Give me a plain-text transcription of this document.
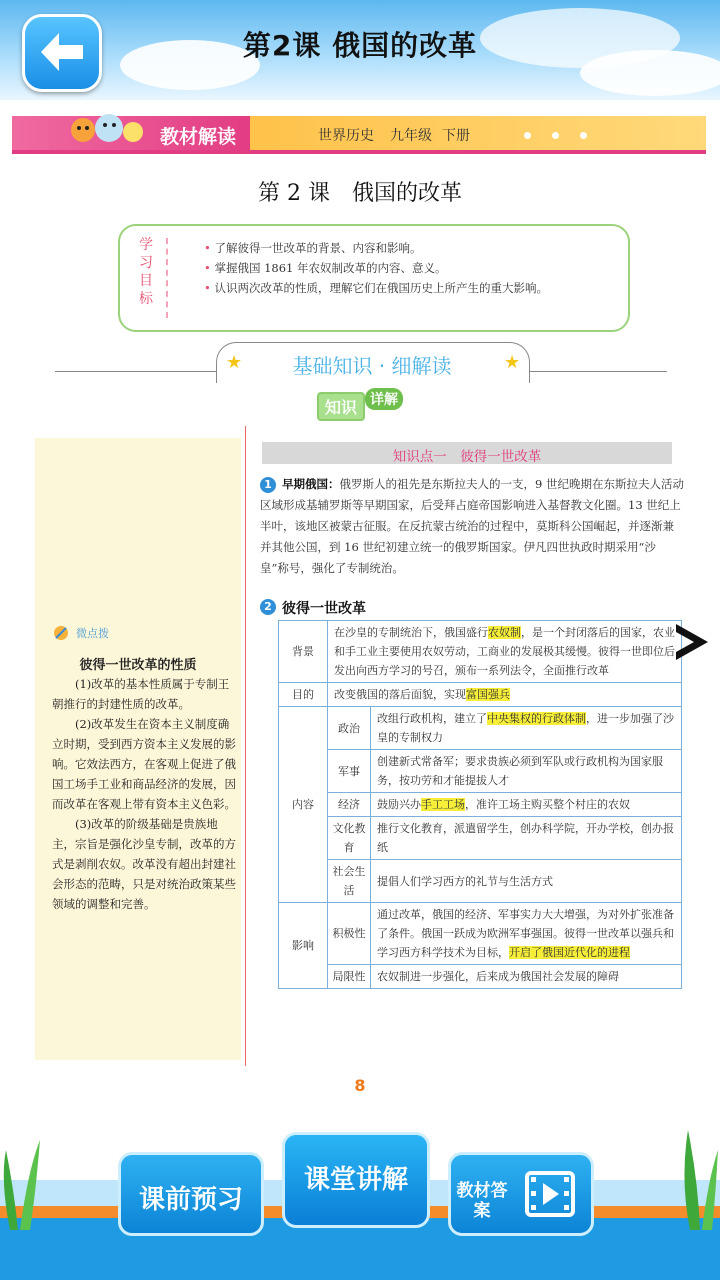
第2课 俄国的改革
教材解读	世界历史 九年级 下册
第 2 课　俄国的改革
学
习
目
标
• 了解彼得一世改革的背景、内容和影响。
• 掌握俄国 1861 年农奴制改革的内容、意义。
• 认识两次改革的性质，理解它们在俄国历史上所产生的重大影响。
★	★
基础知识 · 细解读
知识 详解
微点拨
彼得一世改革的性质

(1)改革的基本性质属于专制王朝推行的封建性质的改革。

(2)改革发生在资本主义制度确立时期，受到西方资本主义发展的影响。它效法西方，在客观上促进了俄国工场手工业和商品经济的发展，因而改革在客观上带有资本主义色彩。

(3)改革的阶级基础是贵族地主，宗旨是强化沙皇专制，改革的方式是剥削农奴。改革没有超出封建社会形态的范畴，只是对统治政策某些领域的调整和完善。

知识点一　彼得一世改革
1 早期俄国：俄罗斯人的祖先是东斯拉夫人的一支，9 世纪晚期在东斯拉夫人活动区域形成基辅罗斯等早期国家，后受拜占庭帝国影响进入基督教文化圈。13 世纪上半叶，该地区被蒙古征服。在反抗蒙古统治的过程中，莫斯科公国崛起，并逐渐兼并其他公国，到 16 世纪初建立统一的俄罗斯国家。伊凡四世执政时期采用“沙皇”称号，强化了专制统治。
2 彼得一世改革
背景	在沙皇的专制统治下，俄国盛行农奴制，是一个封闭落后的国家，农业和手工业主要使用农奴劳动，工商业的发展极其缓慢。彼得一世即位后发出向西方学习的号召，颁布一系列法令，全面推行改革	
目的	改变俄国的落后面貌，实现富国强兵	
内容	政治	改组行政机构，建立了中央集权的行政体制，进一步加强了沙皇的专制权力
	军事	创建新式常备军；要求贵族必须到军队或行政机构为国家服务，按功劳和才能提拔人才
	经济	鼓励兴办手工工场，准许工场主购买整个村庄的农奴
	文化教育	推行文化教育，派遣留学生，创办科学院，开办学校，创办报纸
	社会生活	提倡人们学习西方的礼节与生活方式
影响	积极性	通过改革，俄国的经济、军事实力大大增强，为对外扩张准备了条件。俄国一跃成为欧洲军事强国。彼得一世改革以强兵和学习西方科学技术为目标，开启了俄国近代化的进程
	局限性	农奴制进一步强化，后来成为俄国社会发展的障碍
8
课前预习
课堂讲解	教材答案
